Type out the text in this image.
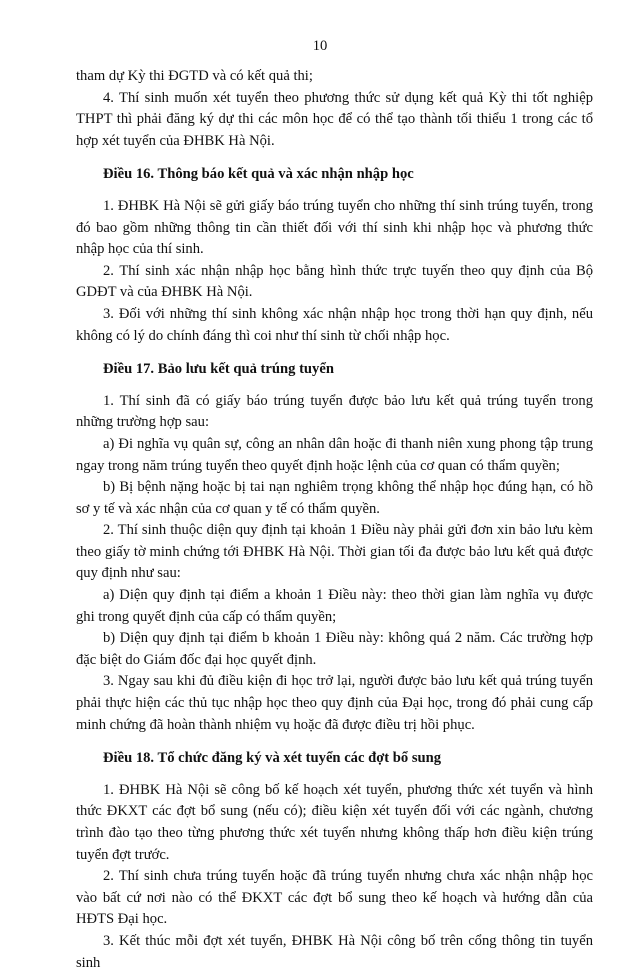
10

tham dự Kỳ thi ĐGTD và có kết quả thi;

4. Thí sinh muốn xét tuyển theo phương thức sử dụng kết quả Kỳ thi tốt nghiệp THPT thì phải đăng ký dự thi các môn học để có thể tạo thành tối thiểu 1 trong các tổ hợp xét tuyển của ĐHBK Hà Nội.

Điều 16. Thông báo kết quả và xác nhận nhập học

1. ĐHBK Hà Nội sẽ gửi giấy báo trúng tuyển cho những thí sinh trúng tuyển, trong đó bao gồm những thông tin cần thiết đối với thí sinh khi nhập học và phương thức nhập học của thí sinh.

2. Thí sinh xác nhận nhập học bằng hình thức trực tuyến theo quy định của Bộ GDĐT và của ĐHBK Hà Nội.

3. Đối với những thí sinh không xác nhận nhập học trong thời hạn quy định, nếu không có lý do chính đáng thì coi như thí sinh từ chối nhập học.

Điều 17. Bảo lưu kết quả trúng tuyển

1. Thí sinh đã có giấy báo trúng tuyển được bảo lưu kết quả trúng tuyển trong những trường hợp sau:

a) Đi nghĩa vụ quân sự, công an nhân dân hoặc đi thanh niên xung phong tập trung ngay trong năm trúng tuyển theo quyết định hoặc lệnh của cơ quan có thẩm quyền;

b) Bị bệnh nặng hoặc bị tai nạn nghiêm trọng không thể nhập học đúng hạn, có hồ sơ y tế và xác nhận của cơ quan y tế có thẩm quyền.

2. Thí sinh thuộc diện quy định tại khoản 1 Điều này phải gửi đơn xin bảo lưu kèm theo giấy tờ minh chứng tới ĐHBK Hà Nội. Thời gian tối đa được bảo lưu kết quả được quy định như sau:

a) Diện quy định tại điểm a khoản 1 Điều này: theo thời gian làm nghĩa vụ được ghi trong quyết định của cấp có thẩm quyền;

b) Diện quy định tại điểm b khoản 1 Điều này: không quá 2 năm. Các trường hợp đặc biệt do Giám đốc đại học quyết định.

3. Ngay sau khi đủ điều kiện đi học trở lại, người được bảo lưu kết quả trúng tuyển phải thực hiện các thủ tục nhập học theo quy định của Đại học, trong đó phải cung cấp minh chứng đã hoàn thành nhiệm vụ hoặc đã được điều trị hồi phục.

Điều 18. Tổ chức đăng ký và xét tuyển các đợt bổ sung

1. ĐHBK Hà Nội sẽ công bố kế hoạch xét tuyển, phương thức xét tuyển và hình thức ĐKXT các đợt bổ sung (nếu có); điều kiện xét tuyển đối với các ngành, chương trình đào tạo theo từng phương thức xét tuyển nhưng không thấp hơn điều kiện trúng tuyển đợt trước.

2. Thí sinh chưa trúng tuyển hoặc đã trúng tuyển nhưng chưa xác nhận nhập học vào bất cứ nơi nào có thể ĐKXT các đợt bổ sung theo kế hoạch và hướng dẫn của HĐTS Đại học.

3. Kết thúc mỗi đợt xét tuyển, ĐHBK Hà Nội công bố trên cổng thông tin tuyển sinh
